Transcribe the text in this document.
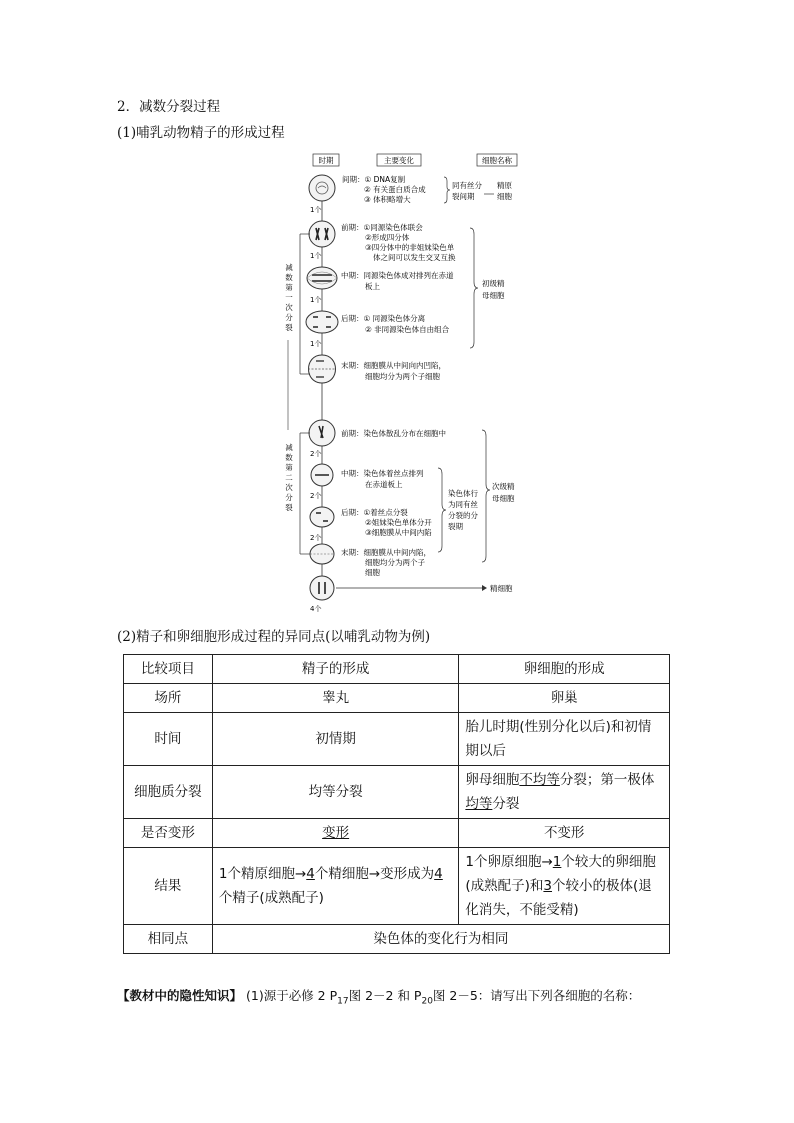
2．减数分裂过程
(1)哺乳动物精子的形成过程
时期	主要变化	细胞名称
1个
1个
1个
1个
2个
2个
2个
4个
间期：① DNA复制
② 有关蛋白质合成
③ 体积略增大
同有丝分
裂间期
精原
细胞
减
数
第
一
次
分
裂
前期：①同源染色体联会
②形成四分体
③四分体中的非姐妹染色单
体之间可以发生交叉互换
中期：同源染色体成对排列在赤道
板上
后期：① 同源染色体分离
② 非同源染色体自由组合
末期：细胞膜从中间向内凹陷，
细胞均分为两个子细胞
初级精
母细胞
减
数
第
二
次
分
裂
前期：染色体散乱分布在细胞中
中期：染色体着丝点排列
在赤道板上
后期：①着丝点分裂
②姐妹染色单体分开
③细胞膜从中间内陷
末期：细胞膜从中间内陷，
细胞均分为两个子
细胞
染色体行
为同有丝
分裂的分
裂期
次级精
母细胞
精细胞
(2)精子和卵细胞形成过程的异同点(以哺乳动物为例)
比较项目	精子的形成	卵细胞的形成
场所	睾丸	卵巢
时间	初情期	胎儿时期(性别分化以后)和初情期以后
细胞质分裂	均等分裂	卵母细胞不均等分裂；第一极体均等分裂
是否变形	变形	不变形
结果	1个精原细胞→4个精细胞→变形成为4个精子(成熟配子)	1个卵原细胞→1个较大的卵细胞(成熟配子)和3个较小的极体(退化消失，不能受精)
相同点	染色体的变化行为相同	
【教材中的隐性知识】 (1)源于必修 2 $P_{17}$图 2－2 和 $P_{20}$图 2－5：请写出下列各细胞的名称：
